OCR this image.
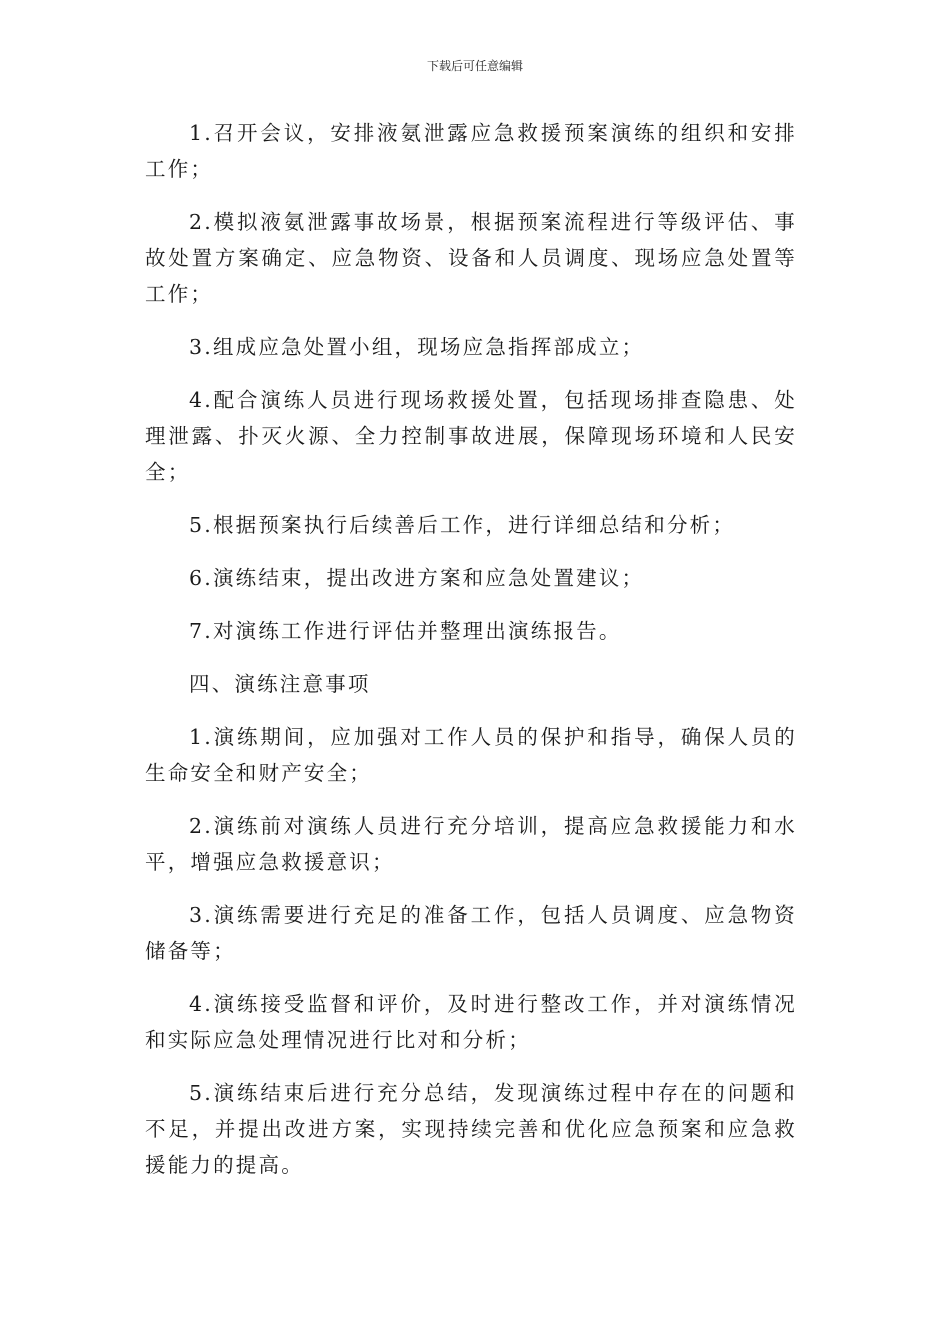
下载后可任意编辑

1.召开会议，安排液氨泄露应急救援预案演练的组织和安排工作；

2.模拟液氨泄露事故场景，根据预案流程进行等级评估、事故处置方案确定、应急物资、设备和人员调度、现场应急处置等工作；

3.组成应急处置小组，现场应急指挥部成立；

4.配合演练人员进行现场救援处置，包括现场排查隐患、处理泄露、扑灭火源、全力控制事故进展，保障现场环境和人民安全；

5.根据预案执行后续善后工作，进行详细总结和分析；

6.演练结束，提出改进方案和应急处置建议；

7.对演练工作进行评估并整理出演练报告。

四、演练注意事项

1.演练期间，应加强对工作人员的保护和指导，确保人员的生命安全和财产安全；

2.演练前对演练人员进行充分培训，提高应急救援能力和水平，增强应急救援意识；

3.演练需要进行充足的准备工作，包括人员调度、应急物资储备等；

4.演练接受监督和评价，及时进行整改工作，并对演练情况和实际应急处理情况进行比对和分析；

5.演练结束后进行充分总结，发现演练过程中存在的问题和不足，并提出改进方案，实现持续完善和优化应急预案和应急救援能力的提高。
